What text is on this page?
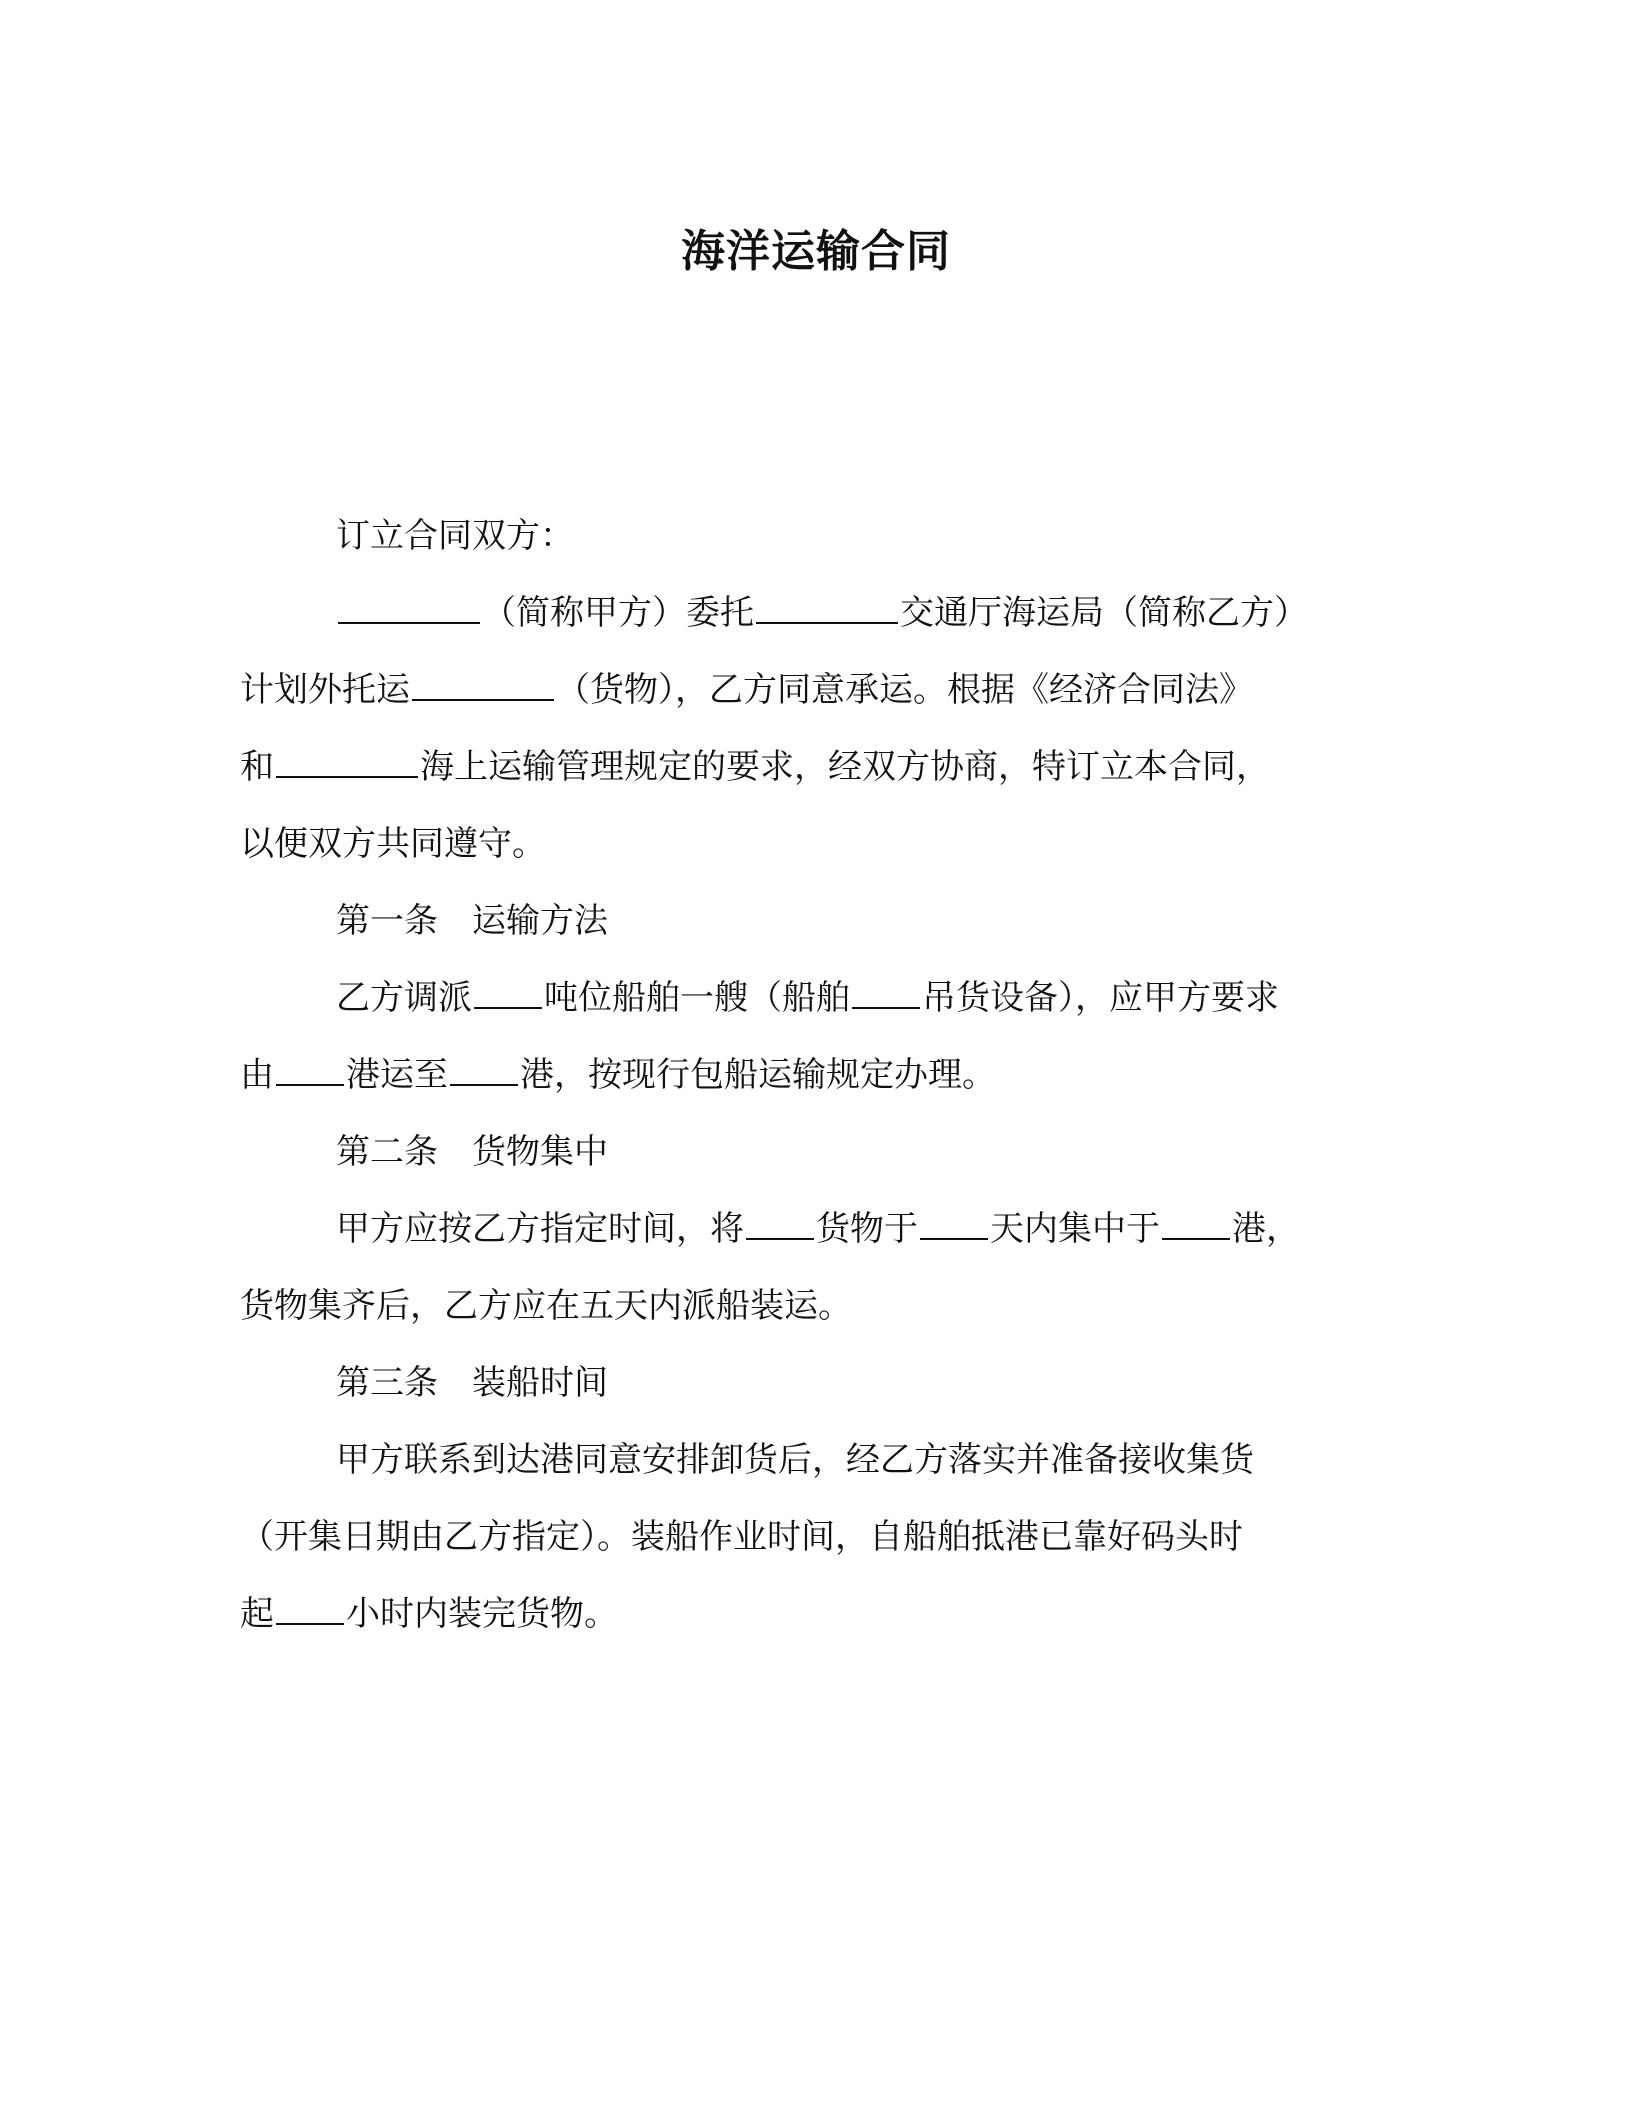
海洋运输合同
订立合同双方：
（简称甲方）委托	交通厅海运局（简称乙方）
计划外托运	（货物），乙方同意承运。根据《经济合同法》
和	海上运输管理规定的要求，经双方协商，特订立本合同，
以便双方共同遵守。
第一条　运输方法
乙方调派 吨位船舶一艘（船舶 吊货设备），应甲方要求
由 港运至 港，按现行包船运输规定办理。
第二条　货物集中
甲方应按乙方指定时间，将 货物于 天内集中于 港，
货物集齐后，乙方应在五天内派船装运。
第三条　装船时间
甲方联系到达港同意安排卸货后，经乙方落实并准备接收集货
（开集日期由乙方指定）。装船作业时间，自船舶抵港已靠好码头时
起 小时内装完货物。
